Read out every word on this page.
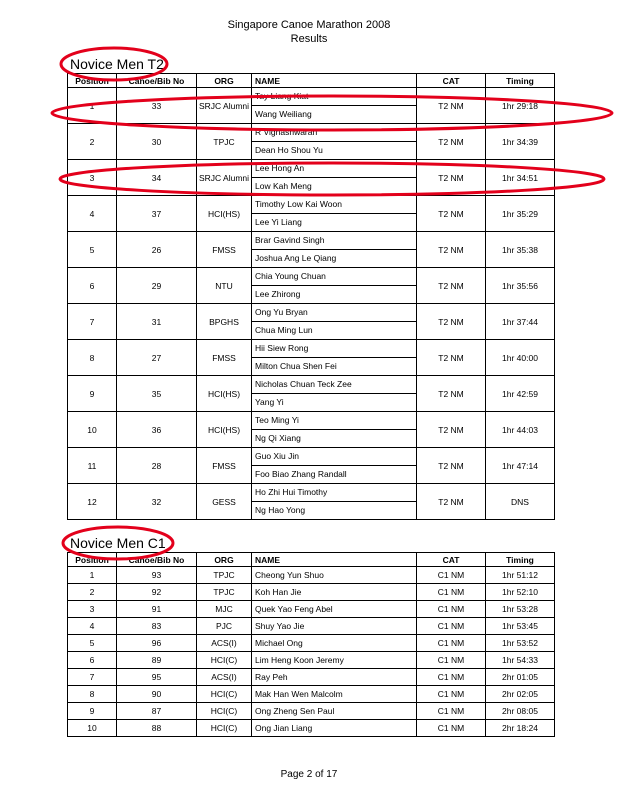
Singapore Canoe Marathon 2008
Results
Novice Men T2
Position	Canoe/Bib No	ORG	NAME	CAT	Timing
1	33	SRJC Alumni	Tay Liang Kiat
Wang Weiliang	T2 NM	1hr 29:18
2	30	TPJC	R Vighashwaran
Dean Ho Shou Yu	T2 NM	1hr 34:39
3	34	SRJC Alumni	Lee Hong An
Low Kah Meng	T2 NM	1hr 34:51
4	37	HCI(HS)	Timothy Low Kai Woon
Lee Yi Liang	T2 NM	1hr 35:29
5	26	FMSS	Brar Gavind Singh
Joshua Ang Le Qiang	T2 NM	1hr 35:38
6	29	NTU	Chia Young Chuan
Lee Zhirong	T2 NM	1hr 35:56
7	31	BPGHS	Ong Yu Bryan
Chua Ming Lun	T2 NM	1hr 37:44
8	27	FMSS	Hii Siew Rong
Milton Chua Shen Fei	T2 NM	1hr 40:00
9	35	HCI(HS)	Nicholas Chuan Teck Zee
Yang Yi	T2 NM	1hr 42:59
10	36	HCI(HS)	Teo Ming Yi
Ng Qi Xiang	T2 NM	1hr 44:03
11	28	FMSS	Guo Xiu Jin
Foo Biao Zhang Randall	T2 NM	1hr 47:14
12	32	GESS	Ho Zhi Hui Timothy
Ng Hao Yong	T2 NM	DNS
Novice Men C1
Position	Canoe/Bib No	ORG	NAME	CAT	Timing
1	93	TPJC	Cheong Yun Shuo	C1 NM	1hr 51:12
2	92	TPJC	Koh Han Jie	C1 NM	1hr 52:10
3	91	MJC	Quek Yao Feng Abel	C1 NM	1hr 53:28
4	83	PJC	Shuy Yao Jie	C1 NM	1hr 53:45
5	96	ACS(I)	Michael Ong	C1 NM	1hr 53:52
6	89	HCI(C)	Lim Heng Koon Jeremy	C1 NM	1hr 54:33
7	95	ACS(I)	Ray Peh	C1 NM	2hr 01:05
8	90	HCI(C)	Mak Han Wen Malcolm	C1 NM	2hr 02:05
9	87	HCI(C)	Ong Zheng Sen Paul	C1 NM	2hr 08:05
10	88	HCI(C)	Ong Jian Liang	C1 NM	2hr 18:24
Page 2 of 17
